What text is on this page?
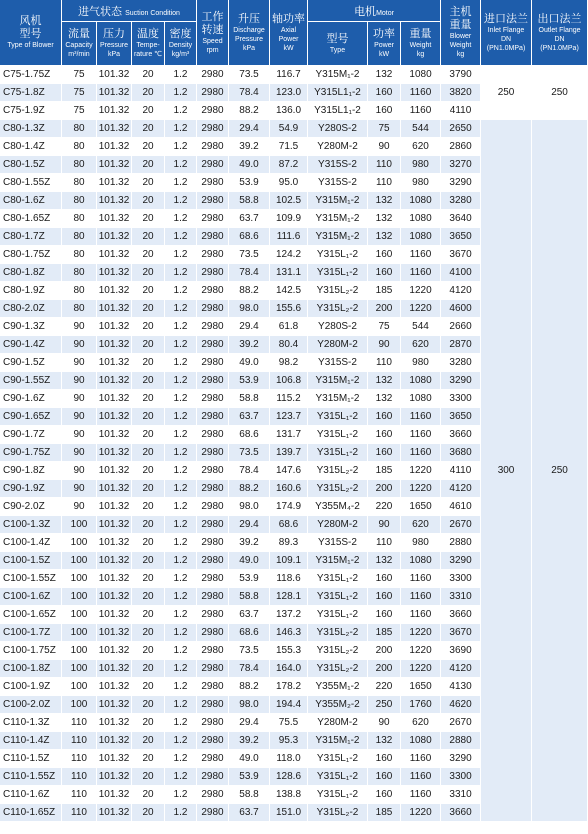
风机
型号
Type of Blower	进气状态 Suction Condition				工作
转速
Speed
rpm	升压
Discharge
Pressure
kPa	轴功率
Axial
Power
kW	电机Motor			主机
重量
Blower
Weight
kg	进口法兰
Inlet Flange
DN
(PN1.0MPa)	出口法兰
Outlet Flange
DN
(PN1.0MPa)

	流量
Capacity
m³/min	压力
Pressure
kPa	温度
Tempe-
rature ℃	密度
Density
kg/m³				型号
Type	功率
Power
kW	重量
Weight
kg			

C75-1.75Z	75	101.32	20	1.2	2980	73.5	116.7	Y315M₁-2	132	1080	3790	250	250
C75-1.8Z	75	101.32	20	1.2	2980	78.4	123.0	Y315L1₁-2	160	1160	3820		
C75-1.9Z	75	101.32	20	1.2	2980	88.2	136.0	Y315L1₁-2	160	1160	4110		
C80-1.3Z	80	101.32	20	1.2	2980	29.4	54.9	Y280S-2	75	544	2650	300	250
C80-1.4Z	80	101.32	20	1.2	2980	39.2	71.5	Y280M-2	90	620	2860		
C80-1.5Z	80	101.32	20	1.2	2980	49.0	87.2	Y315S-2	110	980	3270		
C80-1.55Z	80	101.32	20	1.2	2980	53.9	95.0	Y315S-2	110	980	3290		
C80-1.6Z	80	101.32	20	1.2	2980	58.8	102.5	Y315M₁-2	132	1080	3280		
C80-1.65Z	80	101.32	20	1.2	2980	63.7	109.9	Y315M₁-2	132	1080	3640		
C80-1.7Z	80	101.32	20	1.2	2980	68.6	111.6	Y315M₁-2	132	1080	3650		
C80-1.75Z	80	101.32	20	1.2	2980	73.5	124.2	Y315L₁-2	160	1160	3670		
C80-1.8Z	80	101.32	20	1.2	2980	78.4	131.1	Y315L₁-2	160	1160	4100		
C80-1.9Z	80	101.32	20	1.2	2980	88.2	142.5	Y315L₂-2	185	1220	4120		
C80-2.0Z	80	101.32	20	1.2	2980	98.0	155.6	Y315L₂-2	200	1220	4600		
C90-1.3Z	90	101.32	20	1.2	2980	29.4	61.8	Y280S-2	75	544	2660		
C90-1.4Z	90	101.32	20	1.2	2980	39.2	80.4	Y280M-2	90	620	2870		
C90-1.5Z	90	101.32	20	1.2	2980	49.0	98.2	Y315S-2	110	980	3280		
C90-1.55Z	90	101.32	20	1.2	2980	53.9	106.8	Y315M₁-2	132	1080	3290		
C90-1.6Z	90	101.32	20	1.2	2980	58.8	115.2	Y315M₁-2	132	1080	3300		
C90-1.65Z	90	101.32	20	1.2	2980	63.7	123.7	Y315L₁-2	160	1160	3650		
C90-1.7Z	90	101.32	20	1.2	2980	68.6	131.7	Y315L₁-2	160	1160	3660		
C90-1.75Z	90	101.32	20	1.2	2980	73.5	139.7	Y315L₁-2	160	1160	3680		
C90-1.8Z	90	101.32	20	1.2	2980	78.4	147.6	Y315L₂-2	185	1220	4110		
C90-1.9Z	90	101.32	20	1.2	2980	88.2	160.6	Y315L₂-2	200	1220	4120		
C90-2.0Z	90	101.32	20	1.2	2980	98.0	174.9	Y355M₄-2	220	1650	4610		
C100-1.3Z	100	101.32	20	1.2	2980	29.4	68.6	Y280M-2	90	620	2670		
C100-1.4Z	100	101.32	20	1.2	2980	39.2	89.3	Y315S-2	110	980	2880		
C100-1.5Z	100	101.32	20	1.2	2980	49.0	109.1	Y315M₁-2	132	1080	3290		
C100-1.55Z	100	101.32	20	1.2	2980	53.9	118.6	Y315L₁-2	160	1160	3300		
C100-1.6Z	100	101.32	20	1.2	2980	58.8	128.1	Y315L₁-2	160	1160	3310		
C100-1.65Z	100	101.32	20	1.2	2980	63.7	137.2	Y315L₁-2	160	1160	3660		
C100-1.7Z	100	101.32	20	1.2	2980	68.6	146.3	Y315L₂-2	185	1220	3670		
C100-1.75Z	100	101.32	20	1.2	2980	73.5	155.3	Y315L₂-2	200	1220	3690		
C100-1.8Z	100	101.32	20	1.2	2980	78.4	164.0	Y315L₂-2	200	1220	4120		
C100-1.9Z	100	101.32	20	1.2	2980	88.2	178.2	Y355M₁-2	220	1650	4130		
C100-2.0Z	100	101.32	20	1.2	2980	98.0	194.4	Y355M₂-2	250	1760	4620		
C110-1.3Z	110	101.32	20	1.2	2980	29.4	75.5	Y280M-2	90	620	2670		
C110-1.4Z	110	101.32	20	1.2	2980	39.2	95.3	Y315M₁-2	132	1080	2880		
C110-1.5Z	110	101.32	20	1.2	2980	49.0	118.0	Y315L₁-2	160	1160	3290		
C110-1.55Z	110	101.32	20	1.2	2980	53.9	128.6	Y315L₁-2	160	1160	3300		
C110-1.6Z	110	101.32	20	1.2	2980	58.8	138.8	Y315L₁-2	160	1160	3310		
C110-1.65Z	110	101.32	20	1.2	2980	63.7	151.0	Y315L₂-2	185	1220	3660		
